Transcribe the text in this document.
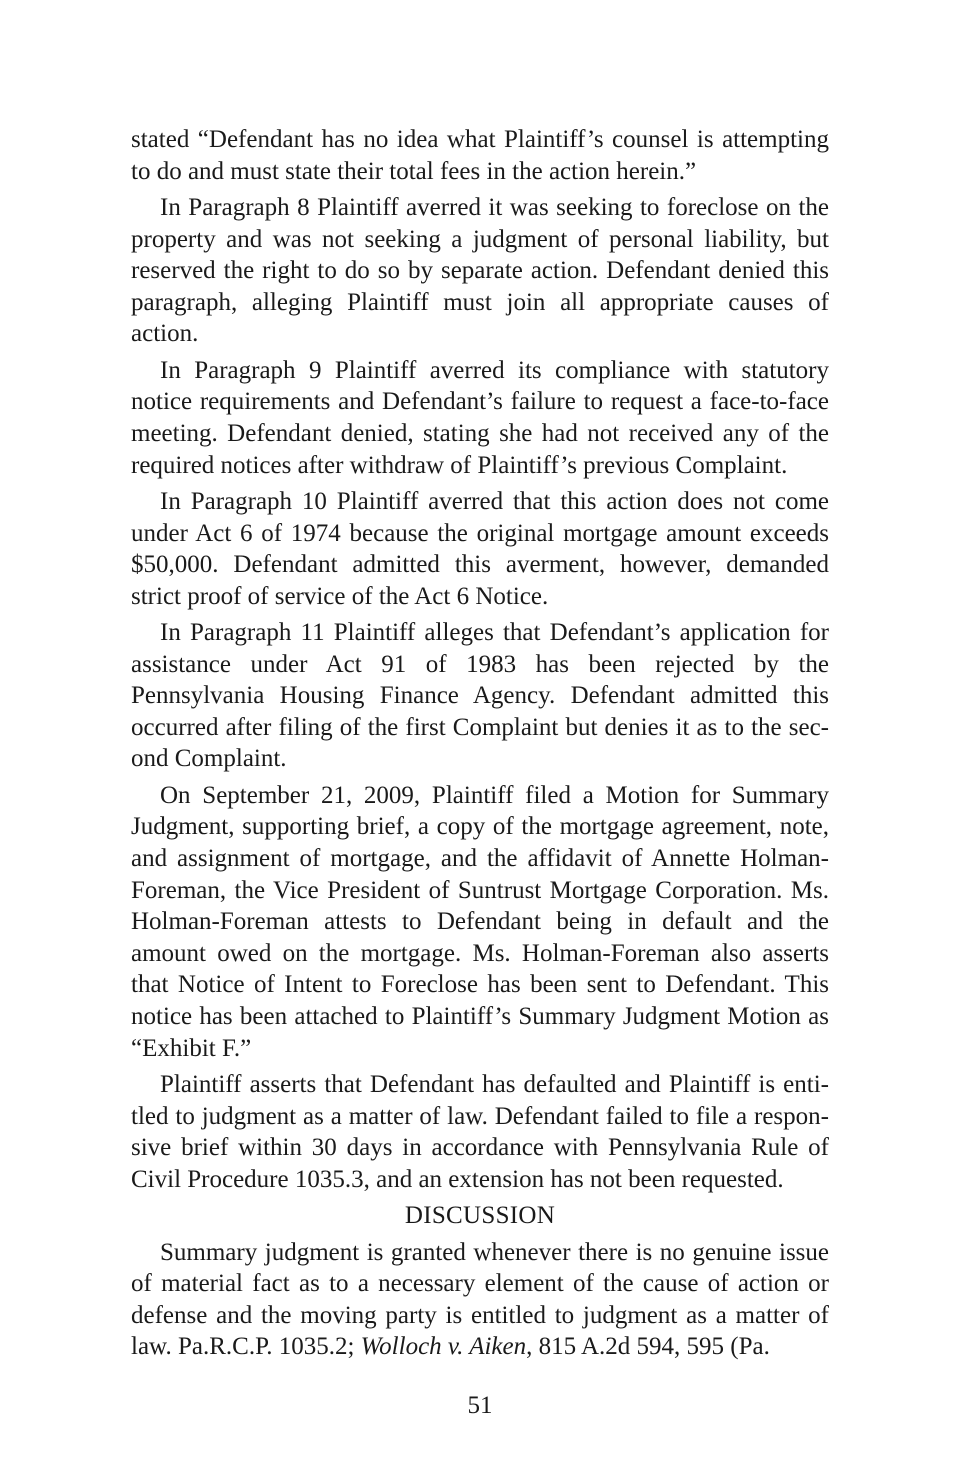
stated “Defendant has no idea what Plaintiff’s counsel is attempting to do and must state their total fees in the action herein.”

In Paragraph 8 Plaintiff averred it was seeking to foreclose on the property and was not seeking a judgment of personal liability, but reserved the right to do so by separate action. Defendant denied this paragraph, alleging Plaintiff must join all appropriate causes of action.

In Paragraph 9 Plaintiff averred its compliance with statutory notice requirements and Defendant’s failure to request a face-to-face meeting. Defendant denied, stating she had not received any of the required notices after withdraw of Plaintiff’s previous Complaint.

In Paragraph 10 Plaintiff averred that this action does not come under Act 6 of 1974 because the original mortgage amount exceeds $50,000. Defendant admitted this averment, however, demanded strict proof of service of the Act 6 Notice.

In Paragraph 11 Plaintiff alleges that Defendant’s application for assistance under Act 91 of 1983 has been rejected by the Pennsylvania Housing Finance Agency. Defendant admitted this occurred after filing of the first Complaint but denies it as to the second Complaint.

On September 21, 2009, Plaintiff filed a Motion for Summary Judgment, supporting brief, a copy of the mortgage agreement, note, and assignment of mortgage, and the affidavit of Annette Holman-Foreman, the Vice President of Suntrust Mortgage Corporation. Ms. Holman-Foreman attests to Defendant being in default and the amount owed on the mortgage. Ms. Holman-Foreman also asserts that Notice of Intent to Foreclose has been sent to Defendant. This notice has been attached to Plaintiff’s Summary Judgment Motion as “Exhibit F.”

Plaintiff asserts that Defendant has defaulted and Plaintiff is entitled to judgment as a matter of law. Defendant failed to file a responsive brief within 30 days in accordance with Pennsylvania Rule of Civil Procedure 1035.3, and an extension has not been requested.

DISCUSSION

Summary judgment is granted whenever there is no genuine issue of material fact as to a necessary element of the cause of action or defense and the moving party is entitled to judgment as a matter of law. Pa.R.C.P. 1035.2; Wolloch v. Aiken, 815 A.2d 594, 595 (Pa.

51
